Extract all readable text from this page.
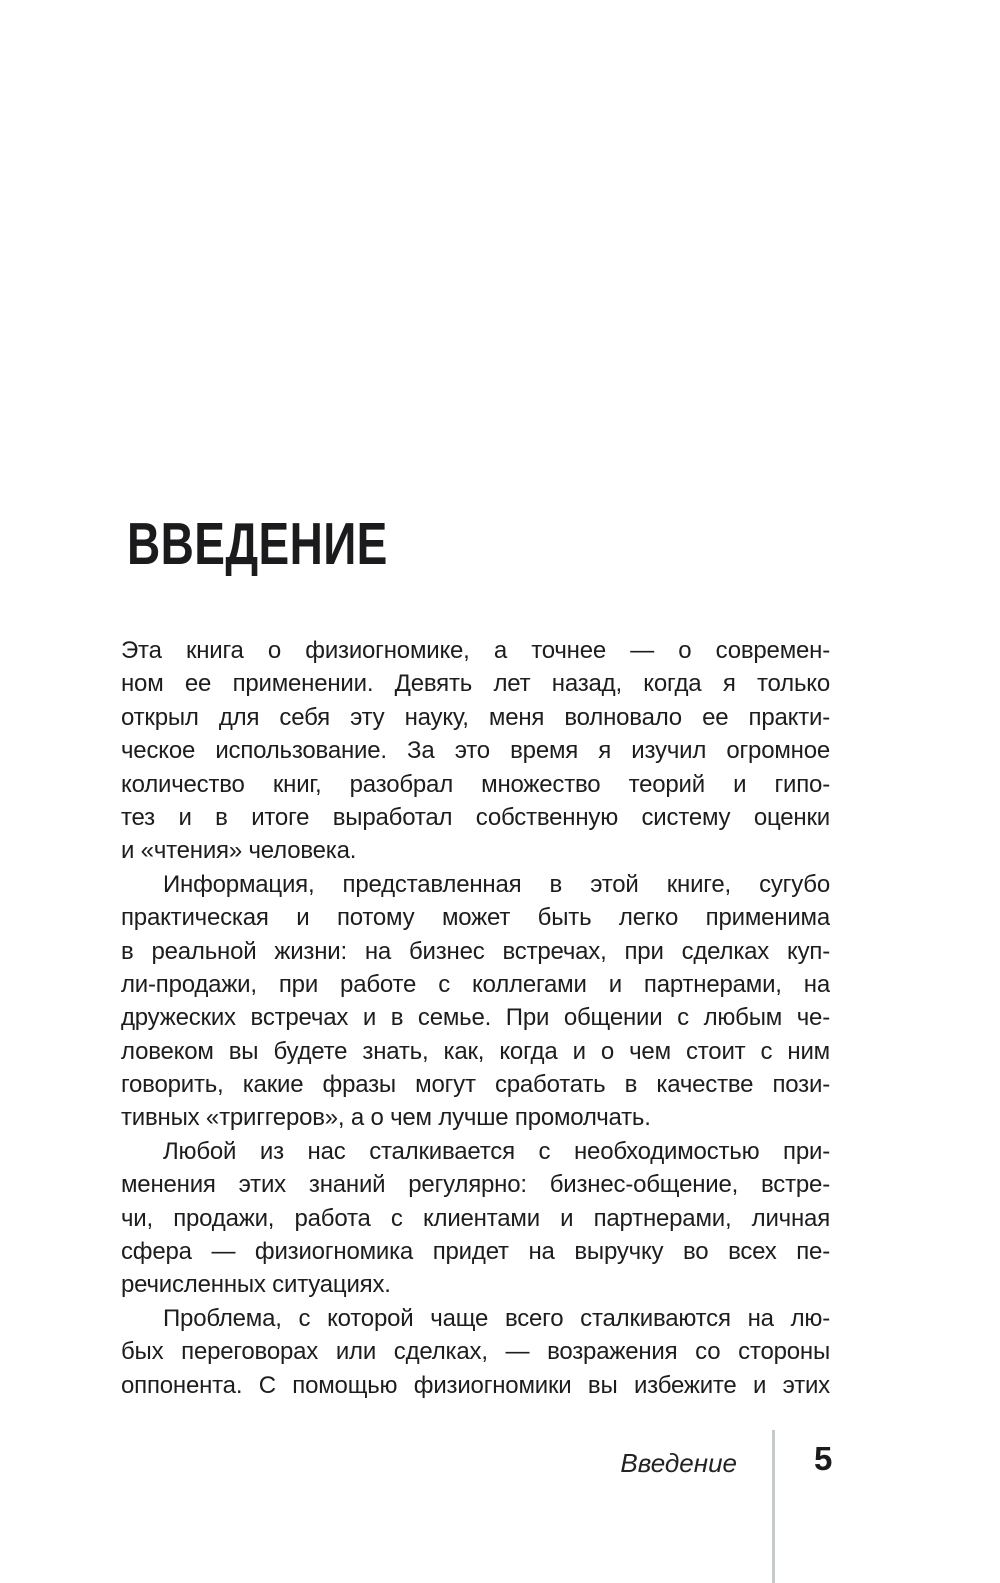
ВВЕДЕНИЕ
Эта книга о физиогномике, а точнее — о современ-
ном ее применении. Девять лет назад, когда я только
открыл для себя эту науку, меня волновало ее практи-
ческое использование. За это время я изучил огромное
количество книг, разобрал множество теорий и гипо-
тез и в итоге выработал собственную систему оценки
и «чтения» человека.
Информация, представленная в этой книге, сугубо
практическая и потому может быть легко применима
в реальной жизни: на бизнес встречах, при сделках куп-
ли-продажи, при работе с коллегами и партнерами, на
дружеских встречах и в семье. При общении с любым че-
ловеком вы будете знать, как, когда и о чем стоит с ним
говорить, какие фразы могут сработать в качестве пози-
тивных «триггеров», а о чем лучше промолчать.
Любой из нас сталкивается с необходимостью при-
менения этих знаний регулярно: бизнес-общение, встре-
чи, продажи, работа с клиентами и партнерами, личная
сфера — физиогномика придет на выручку во всех пе-
речисленных ситуациях.
Проблема, с которой чаще всего сталкиваются на лю-
бых переговорах или сделках, — возражения со стороны
оппонента. С помощью физиогномики вы избежите и этих
Введение 5
